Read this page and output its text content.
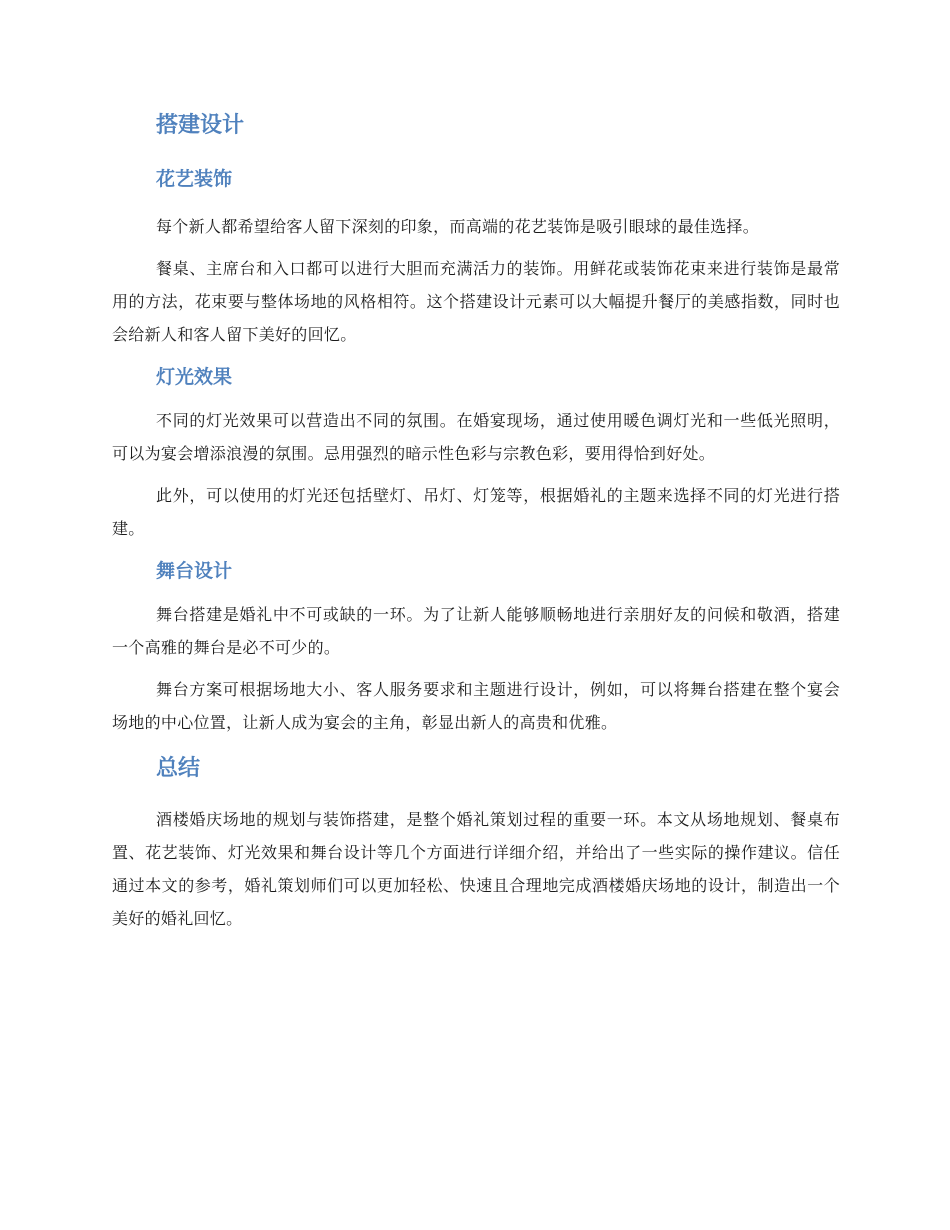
搭建设计
花艺装饰

每个新人都希望给客人留下深刻的印象，而高端的花艺装饰是吸引眼球的最佳选择。

餐桌、主席台和入口都可以进行大胆而充满活力的装饰。用鲜花或装饰花束来进行装饰是最常用的方法，花束要与整体场地的风格相符。这个搭建设计元素可以大幅提升餐厅的美感指数，同时也会给新人和客人留下美好的回忆。

灯光效果

不同的灯光效果可以营造出不同的氛围。在婚宴现场，通过使用暖色调灯光和一些低光照明，可以为宴会增添浪漫的氛围。忌用强烈的暗示性色彩与宗教色彩，要用得恰到好处。

此外，可以使用的灯光还包括壁灯、吊灯、灯笼等，根据婚礼的主题来选择不同的灯光进行搭建。

舞台设计

舞台搭建是婚礼中不可或缺的一环。为了让新人能够顺畅地进行亲朋好友的问候和敬酒，搭建一个高雅的舞台是必不可少的。

舞台方案可根据场地大小、客人服务要求和主题进行设计，例如，可以将舞台搭建在整个宴会场地的中心位置，让新人成为宴会的主角，彰显出新人的高贵和优雅。

总结

酒楼婚庆场地的规划与装饰搭建，是整个婚礼策划过程的重要一环。本文从场地规划、餐桌布置、花艺装饰、灯光效果和舞台设计等几个方面进行详细介绍，并给出了一些实际的操作建议。信任通过本文的参考，婚礼策划师们可以更加轻松、快速且合理地完成酒楼婚庆场地的设计，制造出一个美好的婚礼回忆。
